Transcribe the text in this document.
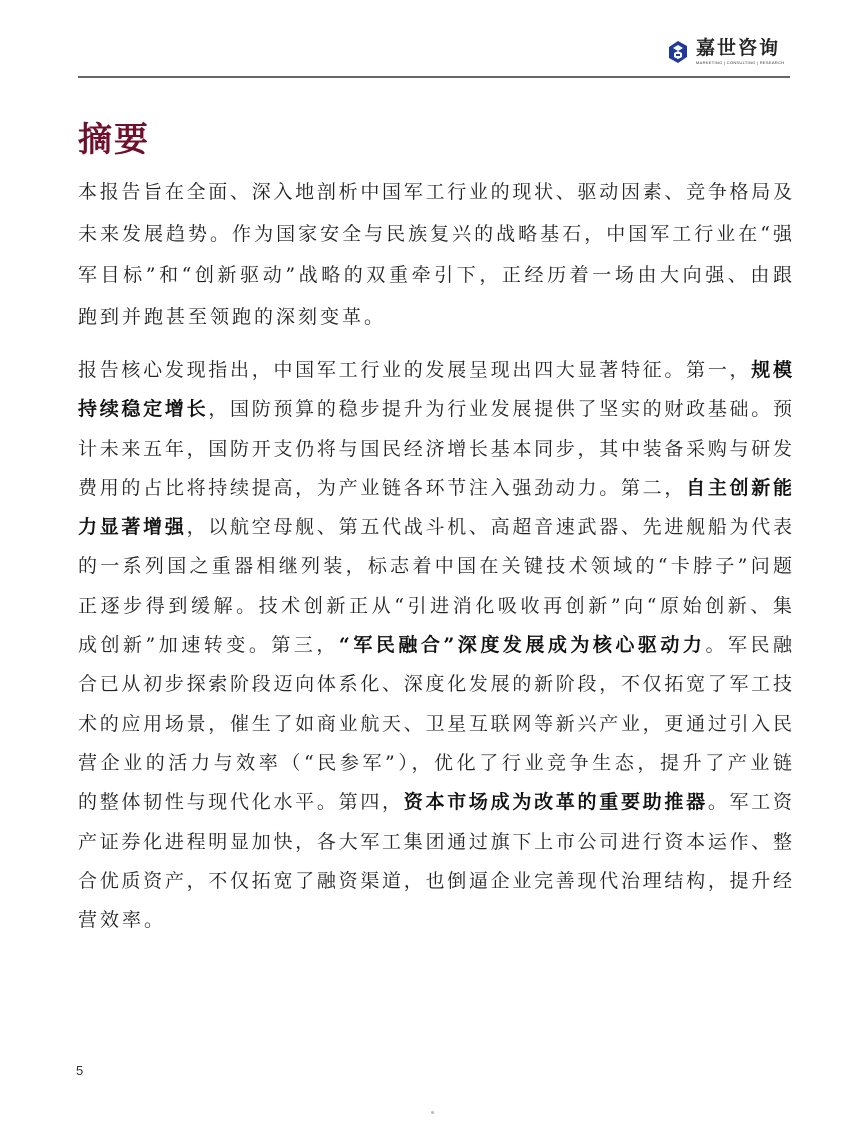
嘉世咨询
MARKETING | CONSULTING | RESEARCH
摘要
本报告旨在全面、深入地剖析中国军工行业的现状、驱动因素、竞争格局及
未来发展趋势。作为国家安全与民族复兴的战略基石，中国军工行业在“强
军目标”和“创新驱动”战略的双重牵引下，正经历着一场由大向强、由跟
跑到并跑甚至领跑的深刻变革。
报告核心发现指出，中国军工行业的发展呈现出四大显著特征。第一，规模
持续稳定增长，国防预算的稳步提升为行业发展提供了坚实的财政基础。预
计未来五年，国防开支仍将与国民经济增长基本同步，其中装备采购与研发
费用的占比将持续提高，为产业链各环节注入强劲动力。第二，自主创新能
力显著增强，以航空母舰、第五代战斗机、高超音速武器、先进舰船为代表
的一系列国之重器相继列装，标志着中国在关键技术领域的“卡脖子”问题
正逐步得到缓解。技术创新正从“引进消化吸收再创新”向“原始创新、集
成创新”加速转变。第三，“军民融合”深度发展成为核心驱动力。军民融
合已从初步探索阶段迈向体系化、深度化发展的新阶段，不仅拓宽了军工技
术的应用场景，催生了如商业航天、卫星互联网等新兴产业，更通过引入民
营企业的活力与效率（“民参军”），优化了行业竞争生态，提升了产业链
的整体韧性与现代化水平。第四，资本市场成为改革的重要助推器。军工资
产证券化进程明显加快，各大军工集团通过旗下上市公司进行资本运作、整
合优质资产，不仅拓宽了融资渠道，也倒逼企业完善现代治理结构，提升经
营效率。
5
